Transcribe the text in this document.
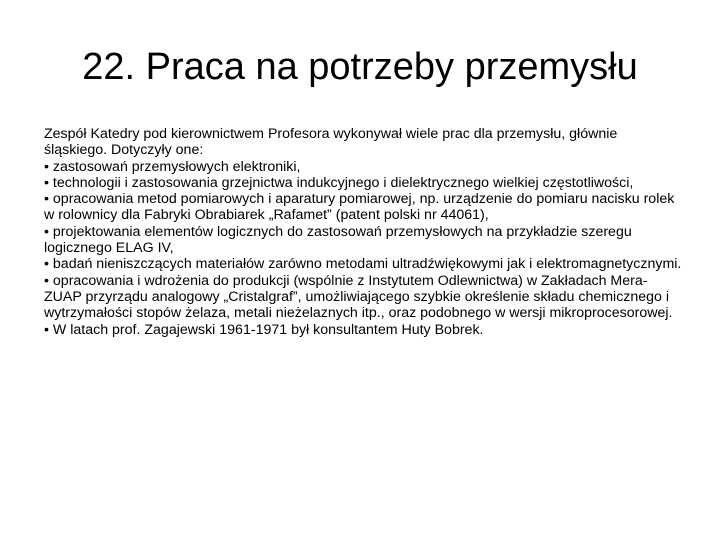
22. Praca na potrzeby przemysłu

Zespół Katedry pod kierownictwem Profesora wykonywał wiele prac dla przemysłu, głównie śląskiego. Dotyczyły one:

• zastosowań przemysłowych elektroniki,

• technologii i zastosowania grzejnictwa indukcyjnego i dielektrycznego wielkiej częstotliwości,

• opracowania metod pomiarowych i aparatury pomiarowej, np. urządzenie do pomiaru nacisku rolek w rolownicy dla Fabryki Obrabiarek „Rafamet” (patent polski nr 44061),

• projektowania elementów logicznych do zastosowań przemysłowych na przykładzie szeregu logicznego ELAG IV,

• badań nieniszczących materiałów zarówno metodami ultradźwiękowymi jak i elektromagnetycznymi.

• opracowania i wdrożenia do produkcji (wspólnie z Instytutem Odlewnictwa) w Zakładach Mera-ZUAP przyrządu analogowy „Cristalgraf”, umożliwiającego szybkie określenie składu chemicznego i wytrzymałości stopów żelaza, metali nieżelaznych itp., oraz podobnego w wersji mikroprocesorowej.

• W latach prof. Zagajewski 1961-1971 był konsultantem Huty Bobrek.
